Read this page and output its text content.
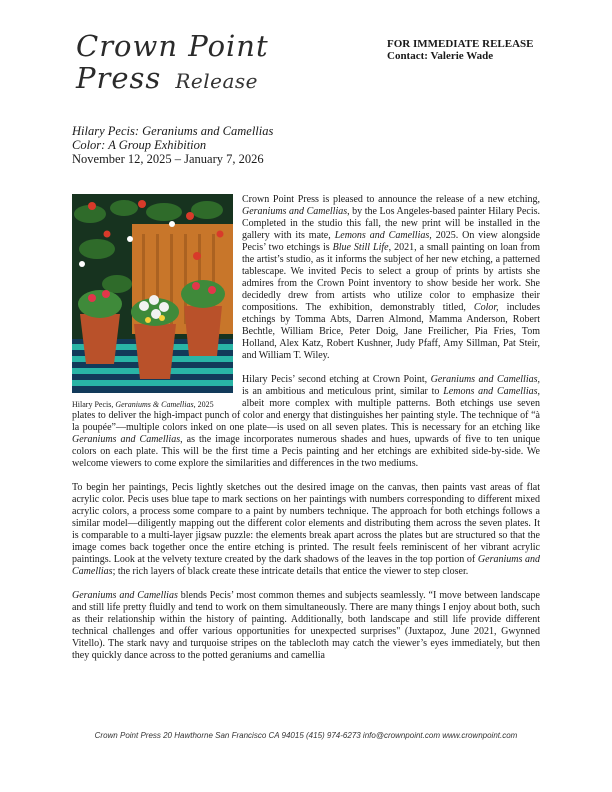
Crown Point
Press Release
FOR IMMEDIATE RELEASE
Contact: Valerie Wade
Hilary Pecis: Geraniums and Camellias
Color: A Group Exhibition
November 12, 2025 – January 7, 2026

Crown Point Press is pleased to announce the release of a new etching, Geraniums and Camellias, by the Los Angeles-based painter Hilary Pecis. Completed in the studio this fall, the new print will be installed in the gallery with its mate, Lemons and Camellias, 2025. On view alongside Pecis’ two etchings is Blue Still Life, 2021, a small painting on loan from the artist’s studio, as it informs the subject of her new etching, a patterned tablescape. We invited Pecis to select a group of prints by artists she admires from the Crown Point inventory to show beside her work. She decidedly drew from artists who utilize color to emphasize their compositions. The exhibition, demonstrably titled, Color, includes etchings by Tomma Abts, Darren Almond, Mamma Anderson, Robert Bechtle, William Brice, Peter Doig, Jane Freilicher, Pia Fries, Tom Holland, Alex Katz, Robert Kushner, Judy Pfaff, Amy Sillman, Pat Steir, and William T. Wiley.

Hilary Pecis’ second etching at Crown Point, Geraniums and Camellias, is an ambitious and meticulous print, similar to Lemons and Camellias, albeit more complex with multiple patterns. Both etchings use seven plates to deliver the high-impact punch of color and energy that distinguishes her painting style. The technique of “à la poupée”—multiple colors inked on one plate—is used on all seven plates. This is necessary for an etching like Geraniums and Camellias, as the image incorporates numerous shades and hues, upwards of five to ten unique colors on each plate. This will be the first time a Pecis painting and her etchings are exhibited side-by-side. We welcome viewers to come explore the similarities and differences in the two mediums.

To begin her paintings, Pecis lightly sketches out the desired image on the canvas, then paints vast areas of flat acrylic color. Pecis uses blue tape to mark sections on her paintings with numbers corresponding to different mixed acrylic colors, a process some compare to a paint by numbers technique. The approach for both etchings follows a similar model—diligently mapping out the different color elements and distributing them across the seven plates. It is comparable to a multi-layer jigsaw puzzle: the elements break apart across the plates but are structured so that the image comes back together once the entire etching is printed. The result feels reminiscent of her vibrant acrylic paintings. Look at the velvety texture created by the dark shadows of the leaves in the top portion of Geraniums and Camellias; the rich layers of black create these intricate details that entice the viewer to step closer.

Geraniums and Camellias blends Pecis’ most common themes and subjects seamlessly. “I move between landscape and still life pretty fluidly and tend to work on them simultaneously. There are many things I enjoy about both, such as their relationship within the history of painting. Additionally, both landscape and still life provide different technical challenges and offer various opportunities for unexpected surprises" (Juxtapoz, June 2021, Gwynned Vitello). The stark navy and turquoise stripes on the tablecloth may catch the viewer’s eyes immediately, but then they quickly dance across to the potted geraniums and camellia

Hilary Pecis, Geraniums & Camellias, 2025
Crown Point Press 20 Hawthorne San Francisco CA 94015 (415) 974-6273 info@crownpoint.com www.crownpoint.com
